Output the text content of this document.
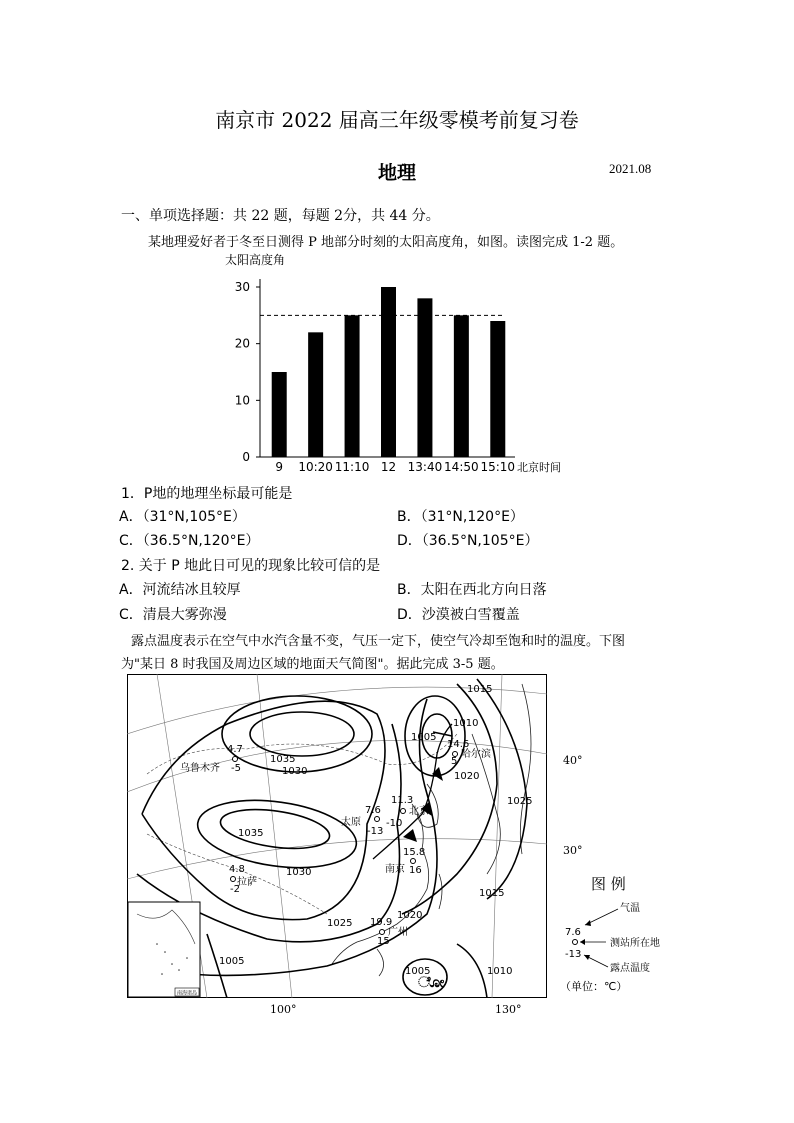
南京市 2022 届高三年级零模考前复习卷
地理	2021.08
一、单项选择题：共 22 题，每题 2分，共 44 分。
某地理爱好者于冬至日测得 P 地部分时刻的太阳高度角，如图。读图完成 1-2 题。
太阳高度角
0
10
20
30
9 10:20 11:10 12 13:40 14:50 15:10 北京时间
1．P地的地理坐标最可能是
A．（31°N,105°E）	B．（31°N,120°E）
C．（36.5°N,120°E）	D．（36.5°N,105°E）
2. 关于 P 地此日可见的现象比较可信的是
A．河流结冰且较厚	B．太阳在西北方向日落
C．清晨大雾弥漫	D．沙漠被白雪覆盖
露点温度表示在空气中水汽含量不变，气压一定下，使空气冷却至饱和时的温度。下图
为"某日 8 时我国及周边区域的地面天气简图"。据此完成 3-5 题。
ೋ
1035
1030
1035
1030
1025
1020
1015
1010
1005
1020
1025
1015
1010
1005
1005
4.7
乌鲁木齐 -5
14.6
哈尔滨
5
11.3
北京
-10
7.6
太原
-13
4.8
拉萨
-2
15.8
南京 16
19.9
广州
15
南海诸岛
40°
30°
100°	130°
图 例
气温
7.6
测站所在地
-13
露点温度
（单位：℃）
